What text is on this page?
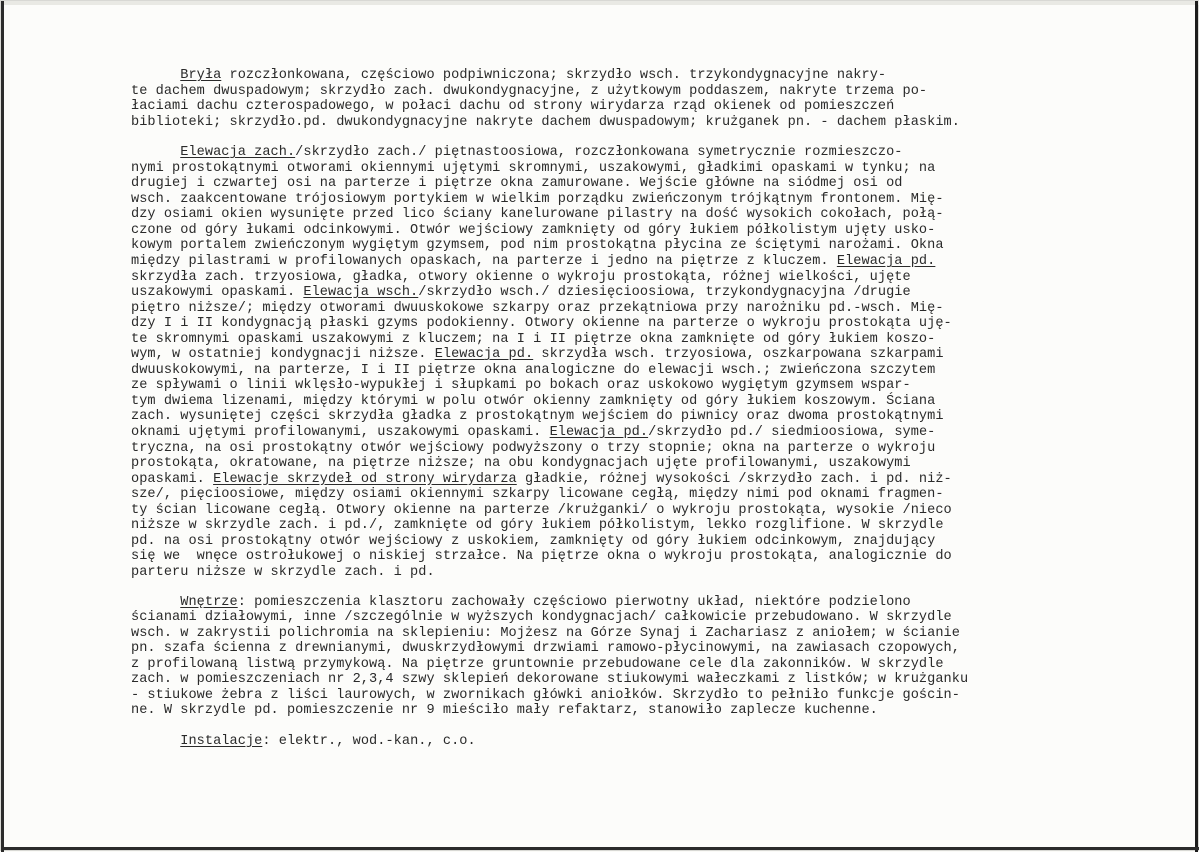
Bryła rozczłonkowana, częściowo podpiwniczona; skrzydło wsch. trzykondygnacyjne nakry-
te dachem dwuspadowym; skrzydło zach. dwukondygnacyjne, z użytkowym poddaszem, nakryte trzema po-
łaciami dachu czterospadowego, w połaci dachu od strony wirydarza rząd okienek od pomieszczeń
biblioteki; skrzydło.pd. dwukondygnacyjne nakryte dachem dwuspadowym; krużganek pn. - dachem płaskim.
Elewacja zach./skrzydło zach./ piętnastoosiowa, rozczłonkowana symetrycznie rozmieszczo-
nymi prostokątnymi otworami okiennymi ujętymi skromnymi, uszakowymi, gładkimi opaskami w tynku; na
drugiej i czwartej osi na parterze i piętrze okna zamurowane. Wejście główne na siódmej osi od
wsch. zaakcentowane trójosiowym portykiem w wielkim porządku zwieńczonym trójkątnym frontonem. Mię-
dzy osiami okien wysunięte przed lico ściany kanelurowane pilastry na dość wysokich cokołach, połą-
czone od góry łukami odcinkowymi. Otwór wejściowy zamknięty od góry łukiem półkolistym ujęty usko-
kowym portalem zwieńczonym wygiętym gzymsem, pod nim prostokątna płycina ze ściętymi narożami. Okna
między pilastrami w profilowanych opaskach, na parterze i jedno na piętrze z kluczem. Elewacja pd.
skrzydła zach. trzyosiowa, gładka, otwory okienne o wykroju prostokąta, różnej wielkości, ujęte
uszakowymi opaskami. Elewacja wsch./skrzydło wsch./ dziesięcioosiowa, trzykondygnacyjna /drugie
piętro niższe/; między otworami dwuuskokowe szkarpy oraz przekątniowa przy narożniku pd.-wsch. Mię-
dzy I i II kondygnacją płaski gzyms podokienny. Otwory okienne na parterze o wykroju prostokąta uję-
te skromnymi opaskami uszakowymi z kluczem; na I i II piętrze okna zamknięte od góry łukiem koszo-
wym, w ostatniej kondygnacji niższe. Elewacja pd. skrzydła wsch. trzyosiowa, oszkarpowana szkarpami
dwuuskokowymi, na parterze, I i II piętrze okna analogiczne do elewacji wsch.; zwieńczona szczytem
ze spływami o linii wklęsło-wypukłej i słupkami po bokach oraz uskokowo wygiętym gzymsem wspar-
tym dwiema lizenami, między którymi w polu otwór okienny zamknięty od góry łukiem koszowym. Ściana
zach. wysuniętej części skrzydła gładka z prostokątnym wejściem do piwnicy oraz dwoma prostokątnymi
oknami ujętymi profilowanymi, uszakowymi opaskami. Elewacja pd./skrzydło pd./ siedmioosiowa, syme-
tryczna, na osi prostokątny otwór wejściowy podwyższony o trzy stopnie; okna na parterze o wykroju
prostokąta, okratowane, na piętrze niższe; na obu kondygnacjach ujęte profilowanymi, uszakowymi
opaskami. Elewacje skrzydeł od strony wirydarza gładkie, różnej wysokości /skrzydło zach. i pd. niż-
sze/, pięcioosiowe, między osiami okiennymi szkarpy licowane cegłą, między nimi pod oknami fragmen-
ty ścian licowane cegłą. Otwory okienne na parterze /krużganki/ o wykroju prostokąta, wysokie /nieco
niższe w skrzydle zach. i pd./, zamknięte od góry łukiem półkolistym, lekko rozglifione. W skrzydle
pd. na osi prostokątny otwór wejściowy z uskokiem, zamknięty od góry łukiem odcinkowym, znajdujący
się we  wnęce ostrołukowej o niskiej strzałce. Na piętrze okna o wykroju prostokąta, analogicznie do
parteru niższe w skrzydle zach. i pd.
Wnętrze: pomieszczenia klasztoru zachowały częściowo pierwotny układ, niektóre podzielono
ścianami działowymi, inne /szczególnie w wyższych kondygnacjach/ całkowicie przebudowano. W skrzydle
wsch. w zakrystii polichromia na sklepieniu: Mojżesz na Górze Synaj i Zachariasz z aniołem; w ścianie
pn. szafa ścienna z drewnianymi, dwuskrzydłowymi drzwiami ramowo-płycinowymi, na zawiasach czopowych,
z profilowaną listwą przymykową. Na piętrze gruntownie przebudowane cele dla zakonników. W skrzydle
zach. w pomieszczeniach nr 2,3,4 szwy sklepień dekorowane stiukowymi wałeczkami z listków; w krużganku
- stiukowe żebra z liści laurowych, w zwornikach główki aniołków. Skrzydło to pełniło funkcje gościn-
ne. W skrzydle pd. pomieszczenie nr 9 mieściło mały refaktarz, stanowiło zaplecze kuchenne.
Instalacje: elektr., wod.-kan., c.o.
